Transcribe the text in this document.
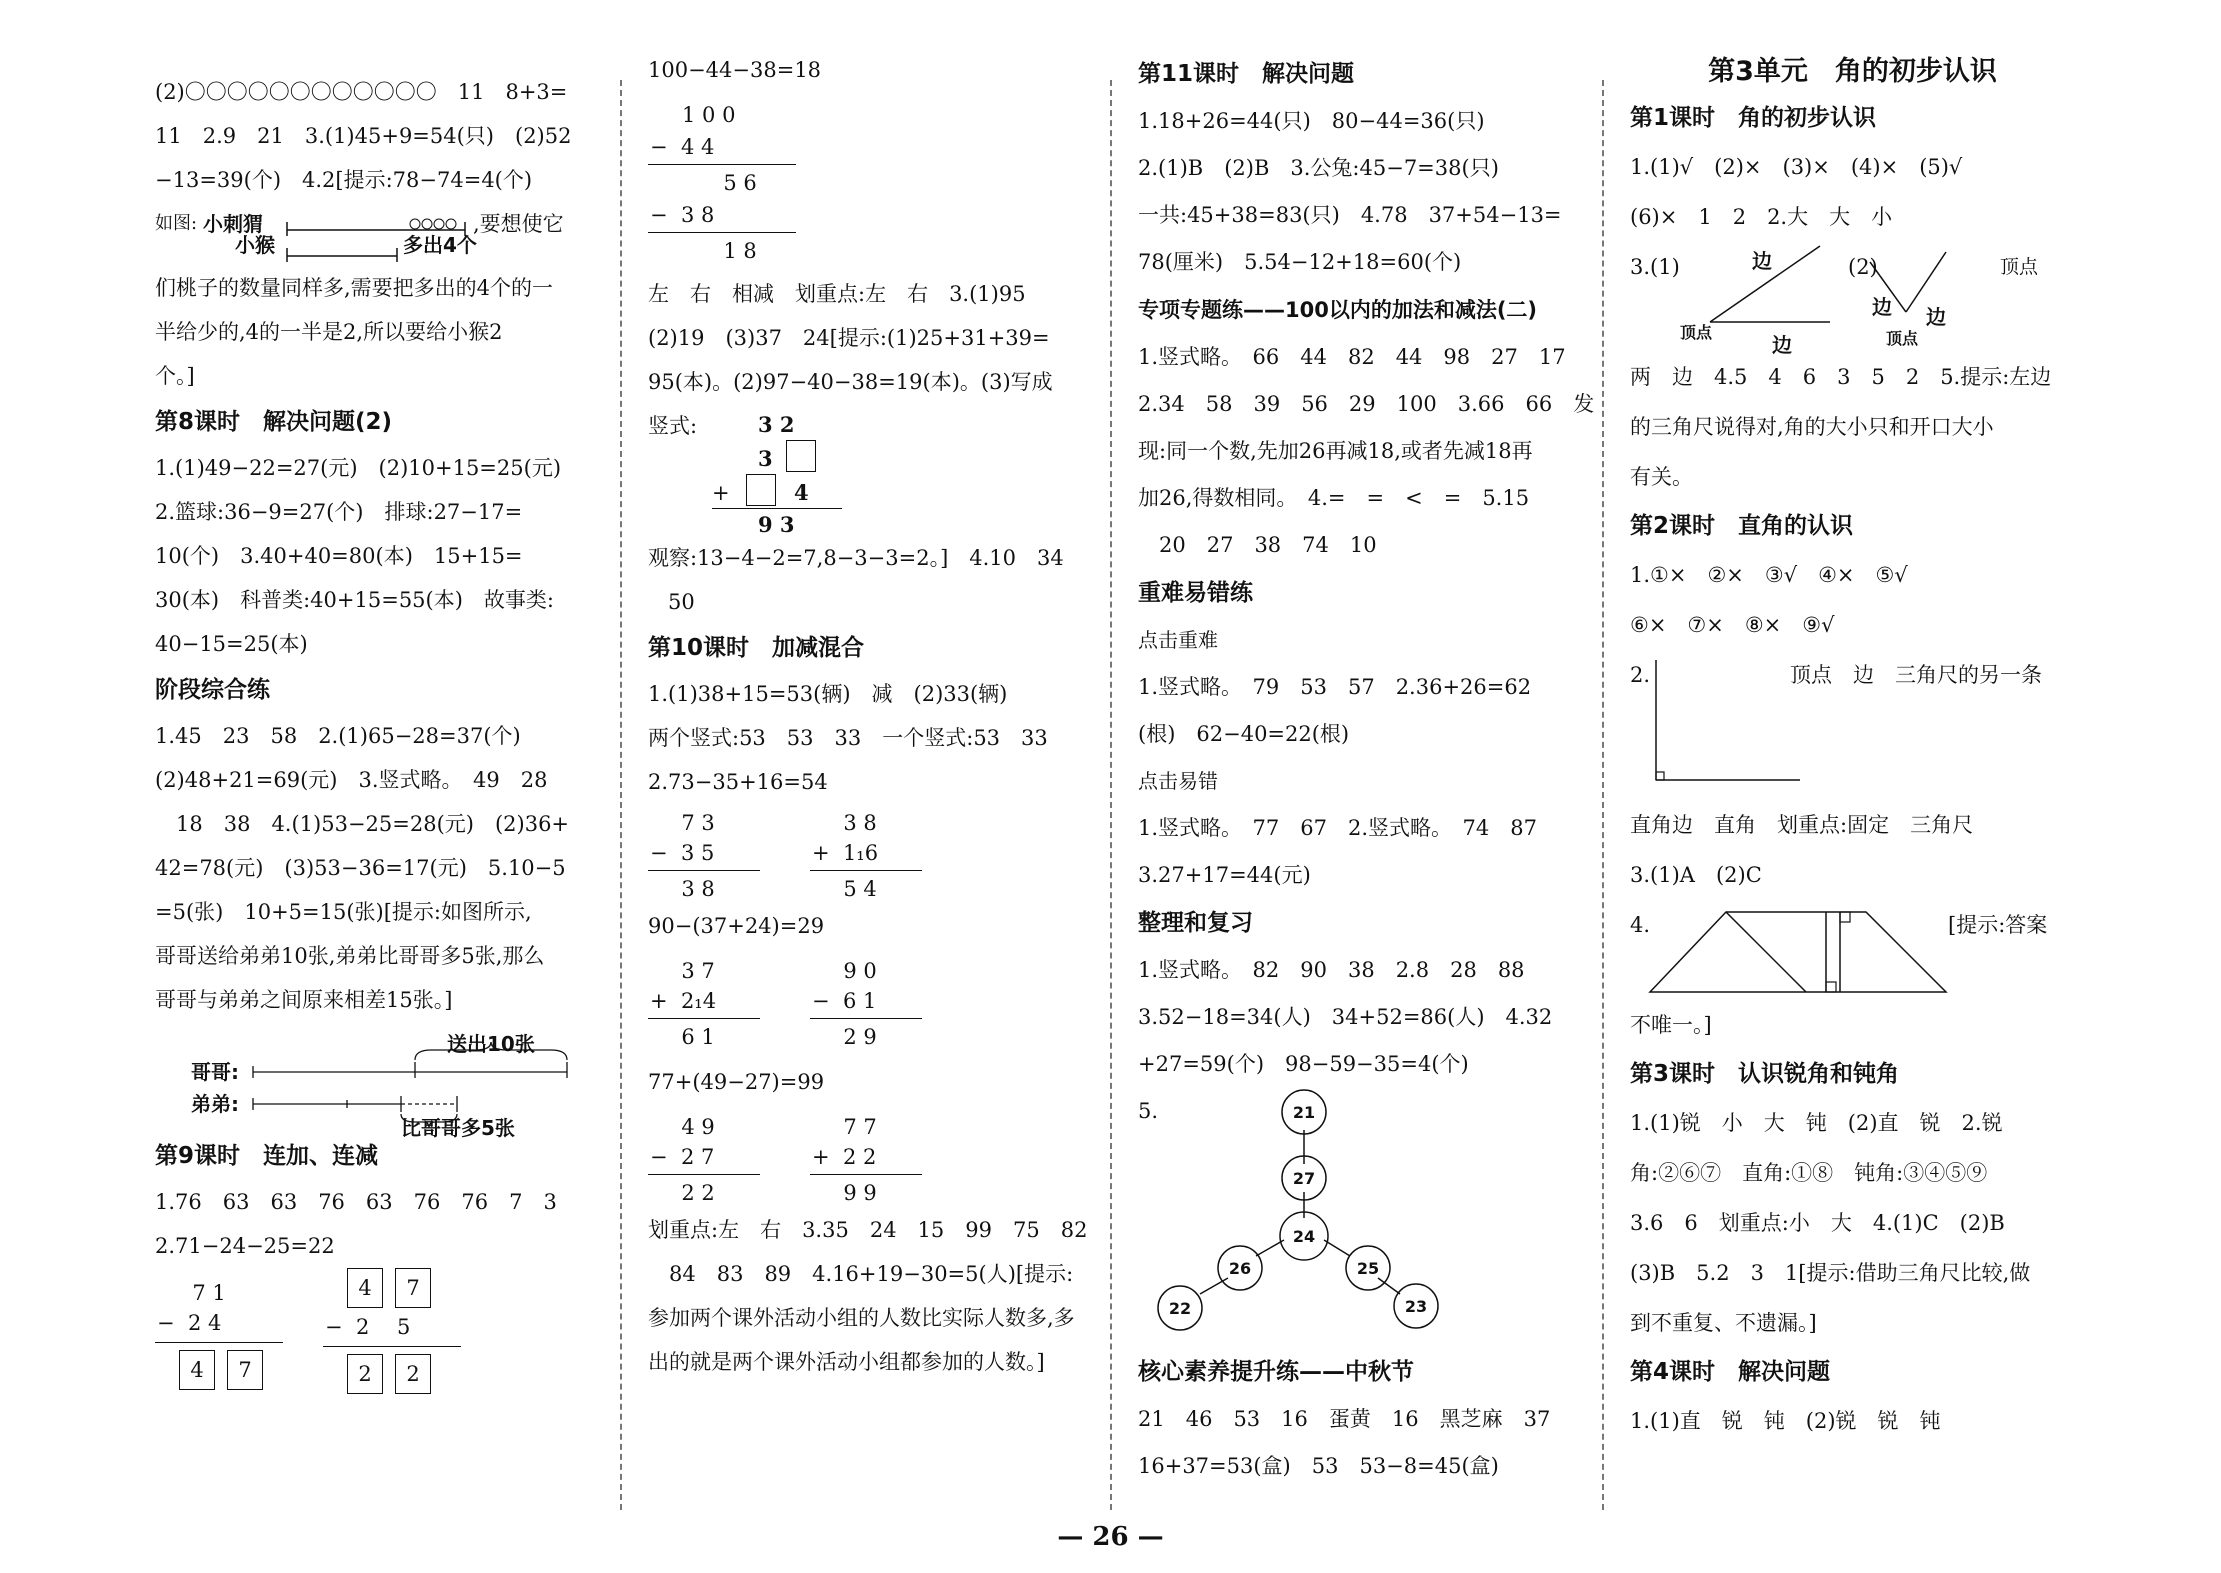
(2)〇〇〇〇〇〇〇〇〇〇〇〇　11　8+3=

11　2.9　21　3.(1)45+9=54(只)　(2)52

−13=39(个)　4.2[提示:78−74=4(个)

如图: 小刺猬
小猴
,要想使它
多出4个

们桃子的数量同样多,需要把多出的4个的一

半给少的,4的一半是2,所以要给小猴2

个。]

第8课时　解决问题(2)

1.(1)49−22=27(元)　(2)10+15=25(元)

2.篮球:36−9=27(个)　排球:27−17=

10(个)　3.40+40=80(本)　15+15=

30(本)　科普类:40+15=55(本)　故事类:

40−15=25(本)

阶段综合练

1.45　23　58　2.(1)65−28=37(个)

(2)48+21=69(元)　3.竖式略。　49　28

　18　38　4.(1)53−25=28(元)　(2)36+

42=78(元)　(3)53−36=17(元)　5.10−5

=5(张)　10+5=15(张)[提示:如图所示,

哥哥送给弟弟10张,弟弟比哥哥多5张,那么

哥哥与弟弟之间原来相差15张。]

送出10张
哥哥:
弟弟:
比哥哥多5张
第9课时　连加、连减

1.76　63　63　76　63　76　76　7　3

2.71−24−25=22

7 1
−  2 4
4	7
4	7
−  2　 5
2	2

100−44−38=18

1 0 0
−  4 4
5 6
−  3 8
1 8

左　右　相减　划重点:左　右　3.(1)95

(2)19　(3)37　24[提示:(1)25+31+39=

95(本)。(2)97−40−38=19(本)。(3)写成

竖式:	3 2
3
+	4
9 3

观察:13−4−2=7,8−3−3=2。]　4.10　34

50

第10课时　加减混合

1.(1)38+15=53(辆)　减　(2)33(辆)

两个竖式:53　53　33　一个竖式:53　33

2.73−35+16=54

7 3
−  3 5
3 8
3 8
+  1₁6
5 4

90−(37+24)=29

3 7
+  2₁4
6 1
9 0
−  6 1
2 9

77+(49−27)=99

4 9
−  2 7
2 2
7 7
+  2 2
9 9

划重点:左　右　3.35　24　15　99　75　82

　84　83　89　4.16+19−30=5(人)[提示:

参加两个课外活动小组的人数比实际人数多,多

出的就是两个课外活动小组都参加的人数。]

第11课时　解决问题

1.18+26=44(只)　80−44=36(只)

2.(1)B　(2)B　3.公兔:45−7=38(只)

一共:45+38=83(只)　4.78　37+54−13=

78(厘米)　5.54−12+18=60(个)

专项专题练——100以内的加法和减法(二)

1.竖式略。　66　44　82　44　98　27　17

2.34　58　39　56　29　100　3.66　66　发

现:同一个数,先加26再减18,或者先减18再

加26,得数相同。　4.=　=　<　=　5.15

　20　27　38　74　10

重难易错练

点击重难

1.竖式略。　79　53　57　2.36+26=62

(根)　62−40=22(根)

点击易错

1.竖式略。　77　67　2.竖式略。　74　87

3.27+17=44(元)

整理和复习

1.竖式略。　82　90　38　2.8　28　88

3.52−18=34(人)　34+52=86(人)　4.32

+27=59(个)　98−59−35=4(个)

5.	21
27
24
26
22
25
23
核心素养提升练——中秋节

21　46　53　16　蛋黄　16　黑芝麻　37

16+37=53(盒)　53　53−8=45(盒)

第3单元　角的初步认识
第1课时　角的初步认识

1.(1)√　(2)×　(3)×　(4)×　(5)√

(6)×　1　2　2.大　大　小

3.(1)	边
顶点
边
(2)
边 边
顶点
顶点

两　边　4.5　4　6　3　5　2　5.提示:左边

的三角尺说得对,角的大小只和开口大小

有关。

第2课时　直角的认识

1.①×　②×　③√　④×　⑤√

⑥×　⑦×　⑧×　⑨√

2.	顶点　边　三角尺的另一条

直角边　直角　划重点:固定　三角尺

3.(1)A　(2)C

4.	[提示:答案

不唯一。]

第3课时　认识锐角和钝角

1.(1)锐　小　大　钝　(2)直　锐　2.锐

角:②⑥⑦　直角:①⑧　钝角:③④⑤⑨

3.6　6　划重点:小　大　4.(1)C　(2)B

(3)B　5.2　3　1[提示:借助三角尺比较,做

到不重复、不遗漏。]

第4课时　解决问题

1.(1)直　锐　钝　(2)锐　锐　钝

— 26 —
